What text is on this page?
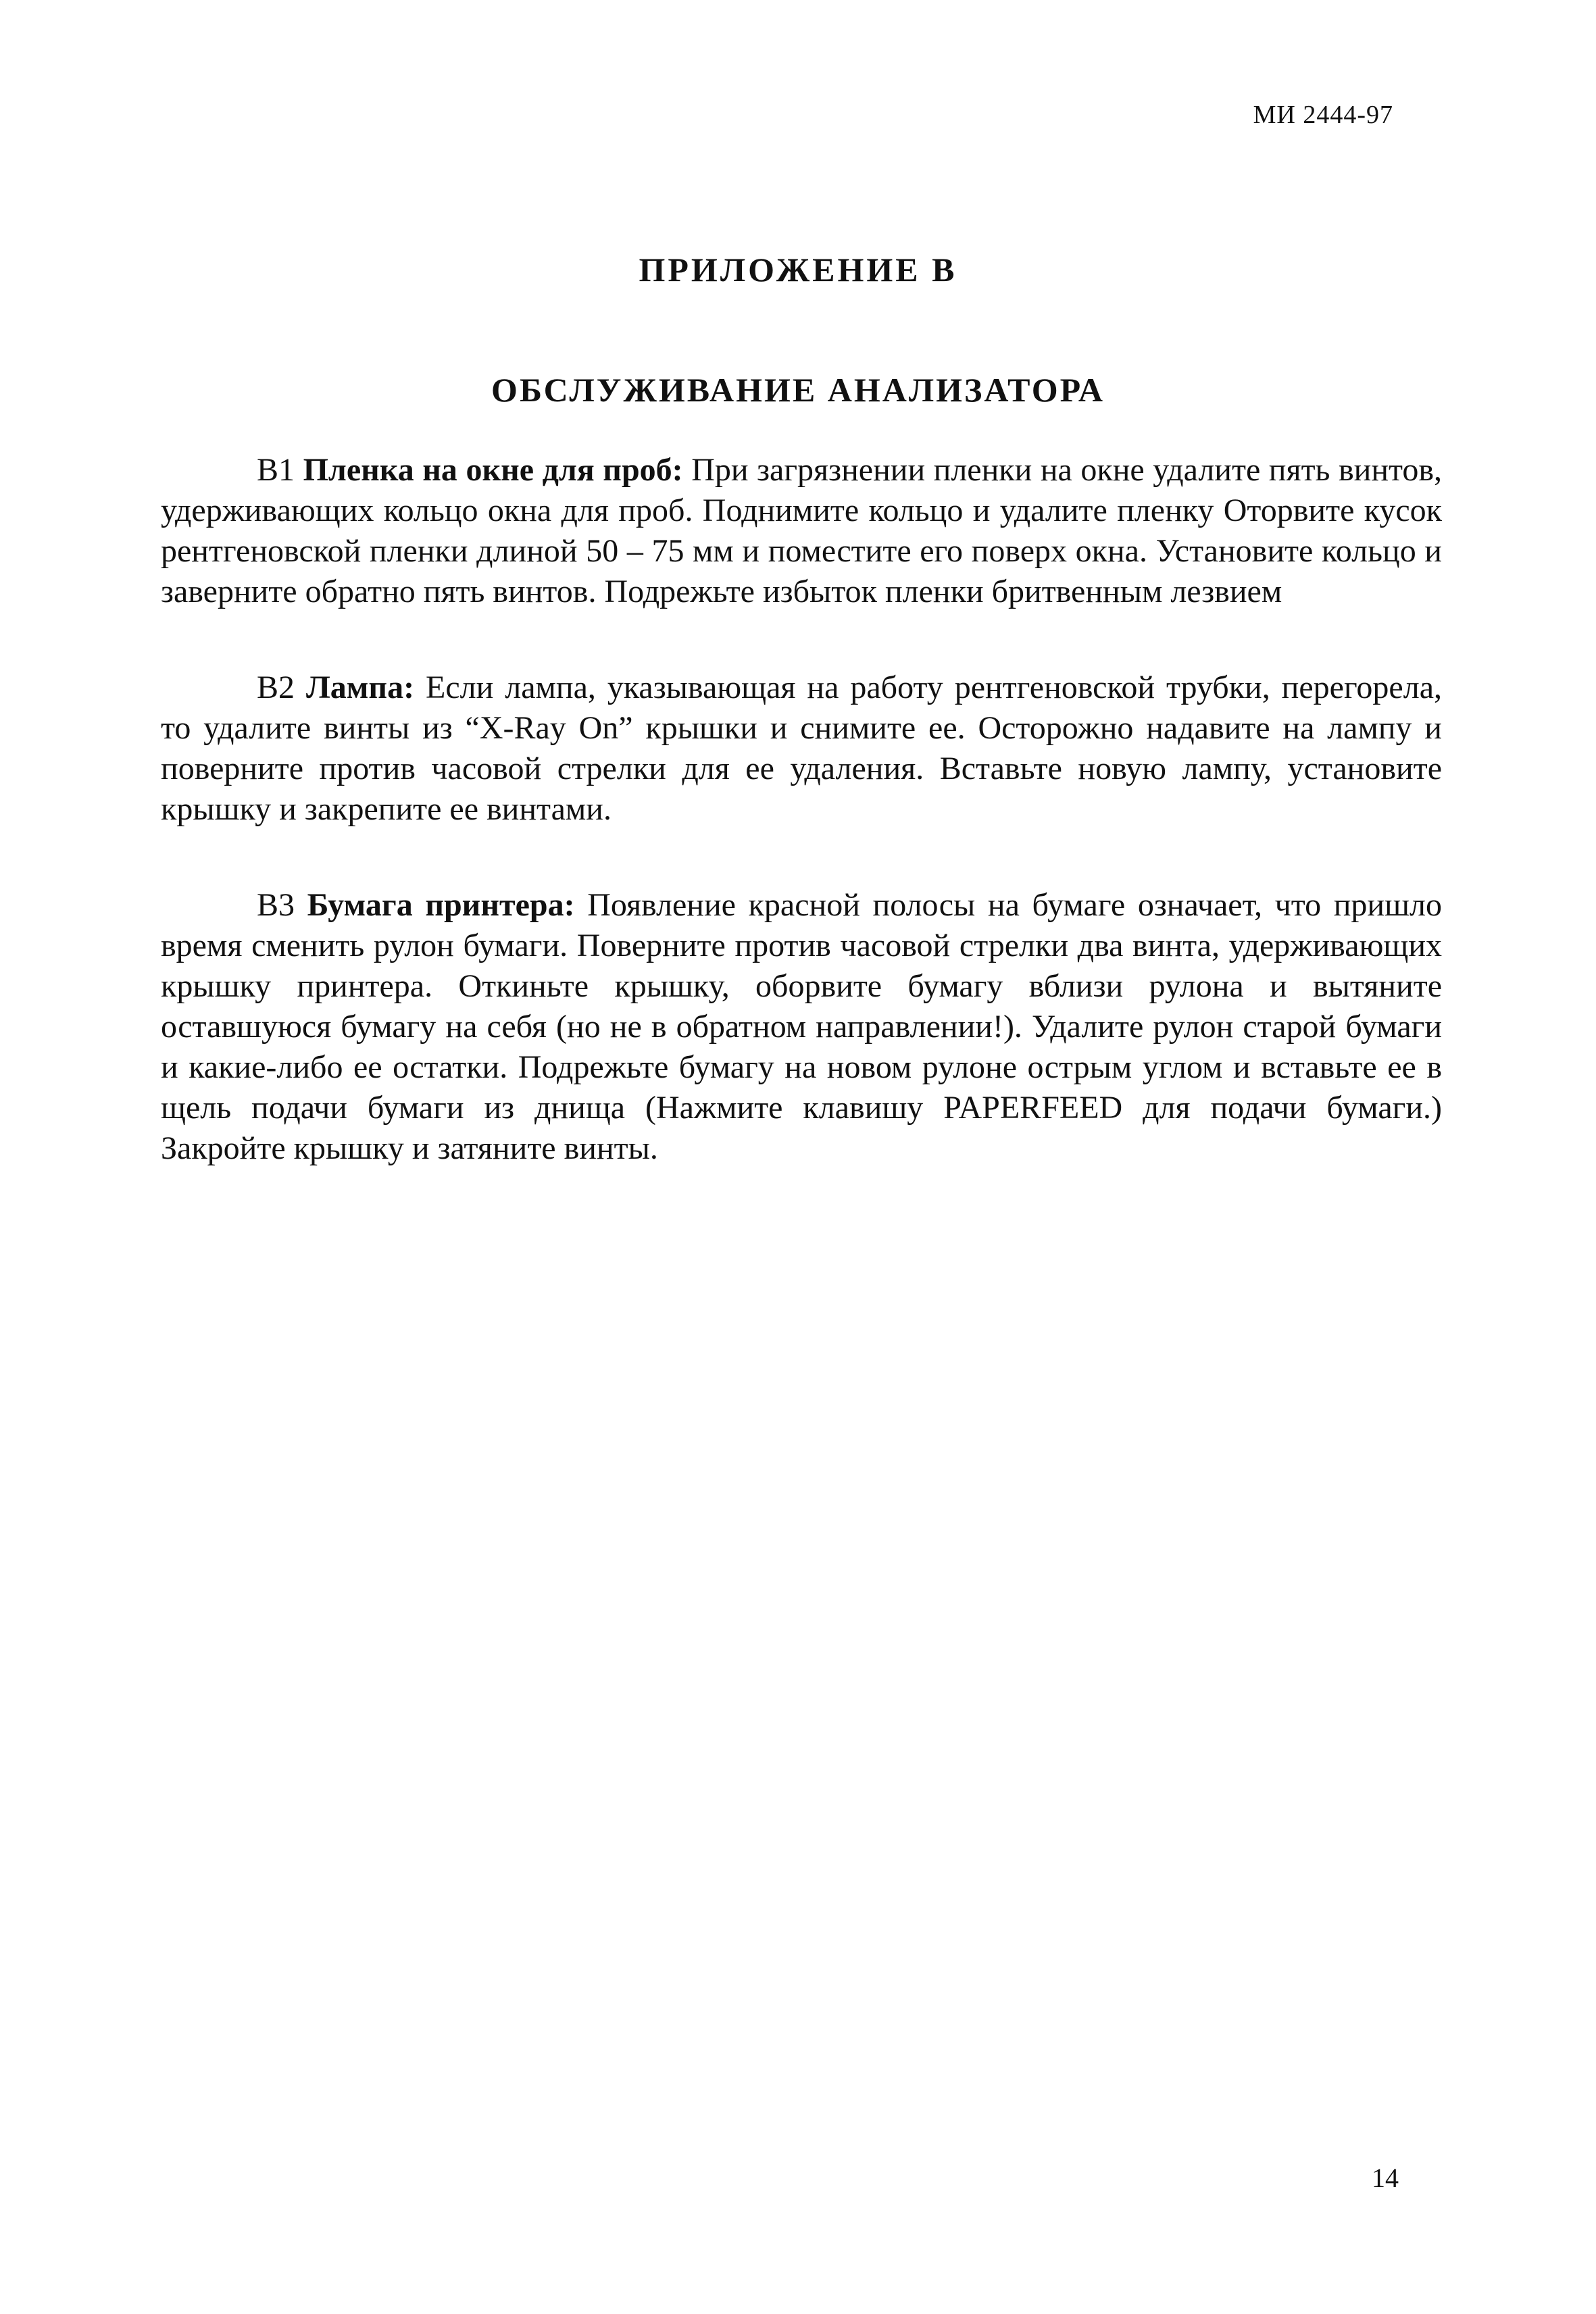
МИ 2444-97
ПРИЛОЖЕНИЕ В
ОБСЛУЖИВАНИЕ АНАЛИЗАТОРА

В1 Пленка на окне для проб: При загрязнении пленки на окне удалите пять винтов, удерживающих кольцо окна для проб. Поднимите кольцо и удалите пленку Оторвите кусок рентгеновской пленки длиной 50 – 75 мм и поместите его поверх окна. Установите кольцо и заверните обратно пять винтов. Подрежьте избыток пленки бритвенным лезвием

В2 Лампа: Если лампа, указывающая на работу рентгеновской трубки, перегорела, то удалите винты из “X-Ray On” крышки и снимите ее. Осторожно надавите на лампу и поверните против часовой стрелки для ее удаления. Вставьте новую лампу, установите крышку и закрепите ее винтами.

В3 Бумага принтера: Появление красной полосы на бумаге означает, что пришло время сменить рулон бумаги. Поверните против часовой стрелки два винта, удерживающих крышку принтера. Откиньте крышку, оборвите бумагу вблизи рулона и вытяните оставшуюся бумагу на себя (но не в обратном направлении!). Удалите рулон старой бумаги и какие-либо ее остатки. Подрежьте бумагу на новом рулоне острым углом и вставьте ее в щель подачи бумаги из днища (Нажмите клавишу PAPERFEED для подачи бумаги.) Закройте крышку и затяните винты.

14
